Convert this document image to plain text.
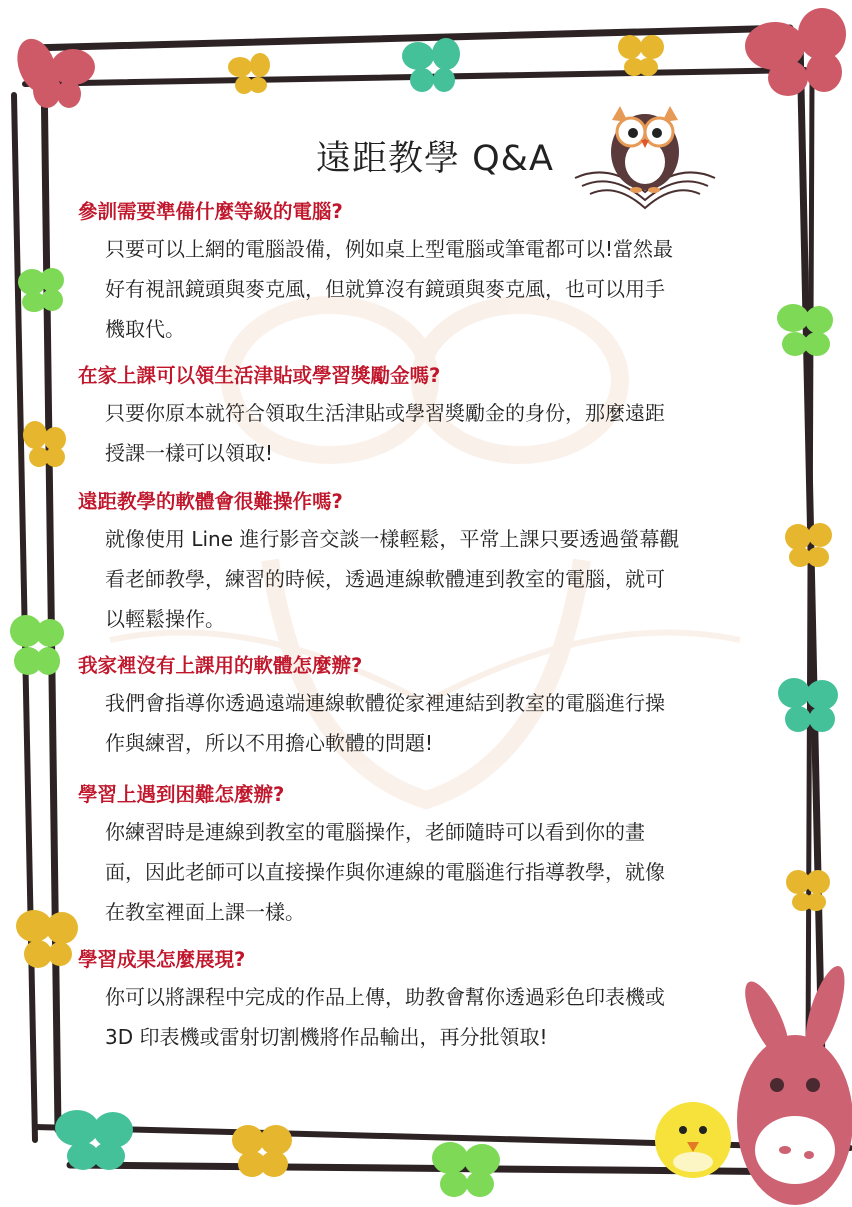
遠距教學 Q&A

參訓需要準備什麼等級的電腦?

只要可以上網的電腦設備，例如桌上型電腦或筆電都可以!當然最
好有視訊鏡頭與麥克風，但就算沒有鏡頭與麥克風，也可以用手
機取代。

在家上課可以領生活津貼或學習獎勵金嗎?

只要你原本就符合領取生活津貼或學習獎勵金的身份，那麼遠距
授課一樣可以領取!

遠距教學的軟體會很難操作嗎?

就像使用 Line 進行影音交談一樣輕鬆，平常上課只要透過螢幕觀
看老師教學，練習的時候，透過連線軟體連到教室的電腦，就可
以輕鬆操作。

我家裡沒有上課用的軟體怎麼辦?

我們會指導你透過遠端連線軟體從家裡連結到教室的電腦進行操
作與練習，所以不用擔心軟體的問題!

學習上遇到困難怎麼辦?

你練習時是連線到教室的電腦操作，老師隨時可以看到你的畫
面，因此老師可以直接操作與你連線的電腦進行指導教學，就像
在教室裡面上課一樣。

學習成果怎麼展現?

你可以將課程中完成的作品上傳，助教會幫你透過彩色印表機或
3D 印表機或雷射切割機將作品輸出，再分批領取!
